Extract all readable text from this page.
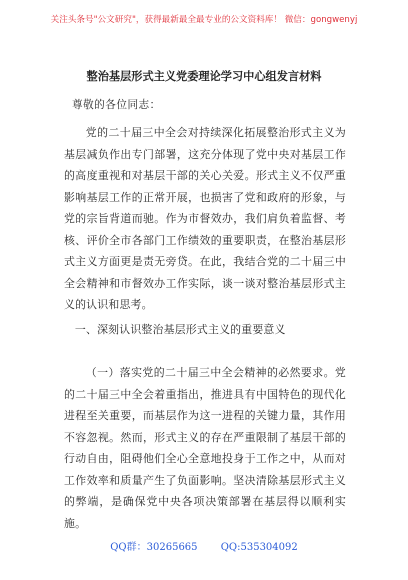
关注头条号"公文研究"，获得最新最全最专业的公文资料库！ 微信：gongwenyj
整治基层形式主义党委理论学习中心组发言材料
尊敬的各位同志：

党的二十届三中全会对持续深化拓展整治形式主义为基层减负作出专门部署，这充分体现了党中央对基层工作的高度重视和对基层干部的关心关爱。形式主义不仅严重影响基层工作的正常开展，也损害了党和政府的形象，与党的宗旨背道而驰。作为市督效办，我们肩负着监督、考核、评价全市各部门工作绩效的重要职责，在整治基层形式主义方面更是责无旁贷。在此，我结合党的二十届三中全会精神和市督效办工作实际，谈一谈对整治基层形式主义的认识和思考。

一、深刻认识整治基层形式主义的重要意义

（一）落实党的二十届三中全会精神的必然要求。党的二十届三中全会着重指出，推进具有中国特色的现代化进程至关重要，而基层作为这一进程的关键力量，其作用不容忽视。然而，形式主义的存在严重限制了基层干部的行动自由，阻碍他们全心全意地投身于工作之中，从而对工作效率和质量产生了负面影响。坚决清除基层形式主义的弊端，是确保党中央各项决策部署在基层得以顺利实施。

QQ群：30265665 QQ:535304092
